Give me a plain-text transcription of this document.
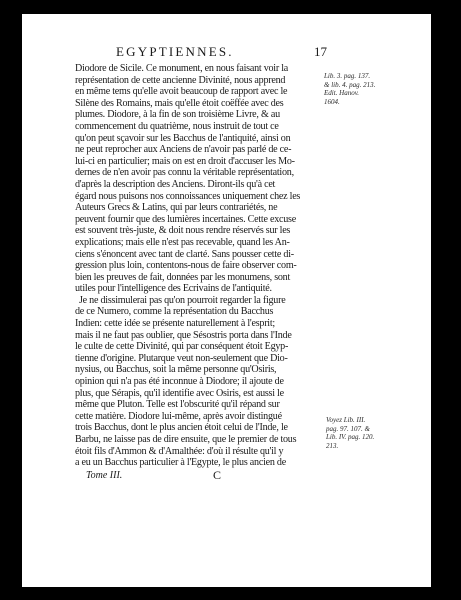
EGYPTIENNES.	17
Diodore de Sicile. Ce monument, en nous faisant voir la
représentation de cette ancienne Divinité, nous apprend
en même tems qu'elle avoit beaucoup de rapport avec le
Silène des Romains, mais qu'elle étoit coëffée avec des
plumes. Diodore, à la fin de son troisième Livre, & au
commencement du quatrième, nous instruit de tout ce
qu'on peut sçavoir sur les Bacchus de l'antiquité, ainsi on
ne peut reprocher aux Anciens de n'avoir pas parlé de ce-
lui-ci en particulier; mais on est en droit d'accuser les Mo-
dernes de n'en avoir pas connu la véritable représentation,
d'après la description des Anciens. Diront-ils qu'à cet
égard nous puisons nos connoissances uniquement chez les
Auteurs Grecs & Latins, qui par leurs contrariétés, ne
peuvent fournir que des lumières incertaines. Cette excuse
est souvent très-juste, & doit nous rendre réservés sur les
explications; mais elle n'est pas recevable, quand les An-
ciens s'énoncent avec tant de clarté. Sans pousser cette di-
gression plus loin, contentons-nous de faire observer com-
bien les preuves de fait, données par les monumens, sont
utiles pour l'intelligence des Ecrivains de l'antiquité.
Je ne dissimulerai pas qu'on pourroit regarder la figure
de ce Numero, comme la représentation du Bacchus
Indien: cette idée se présente naturellement à l'esprit;
mais il ne faut pas oublier, que Sésostris porta dans l'Inde
le culte de cette Divinité, qui par conséquent étoit Egyp-
tienne d'origine. Plutarque veut non-seulement que Dio-
nysius, ou Bacchus, soit la même personne qu'Osiris,
opinion qui n'a pas été inconnue à Diodore; il ajoute de
plus, que Sérapis, qu'il identifie avec Osiris, est aussi le
même que Pluton. Telle est l'obscurité qu'il répand sur
cette matière. Diodore lui-même, après avoir distingué
trois Bacchus, dont le plus ancien étoit celui de l'Inde, le
Barbu, ne laisse pas de dire ensuite, que le premier de tous
étoit fils d'Ammon & d'Amalthée: d'où il résulte qu'il y
a eu un Bacchus particulier à l'Egypte, le plus ancien de
Lib. 3. pag. 137.
& lib. 4. pag. 213.
Edit. Hanov.
1604.
Voyez Lib. III.
pag. 97. 107. &
Lib. IV. pag. 120.
213.
Tome III.	C
